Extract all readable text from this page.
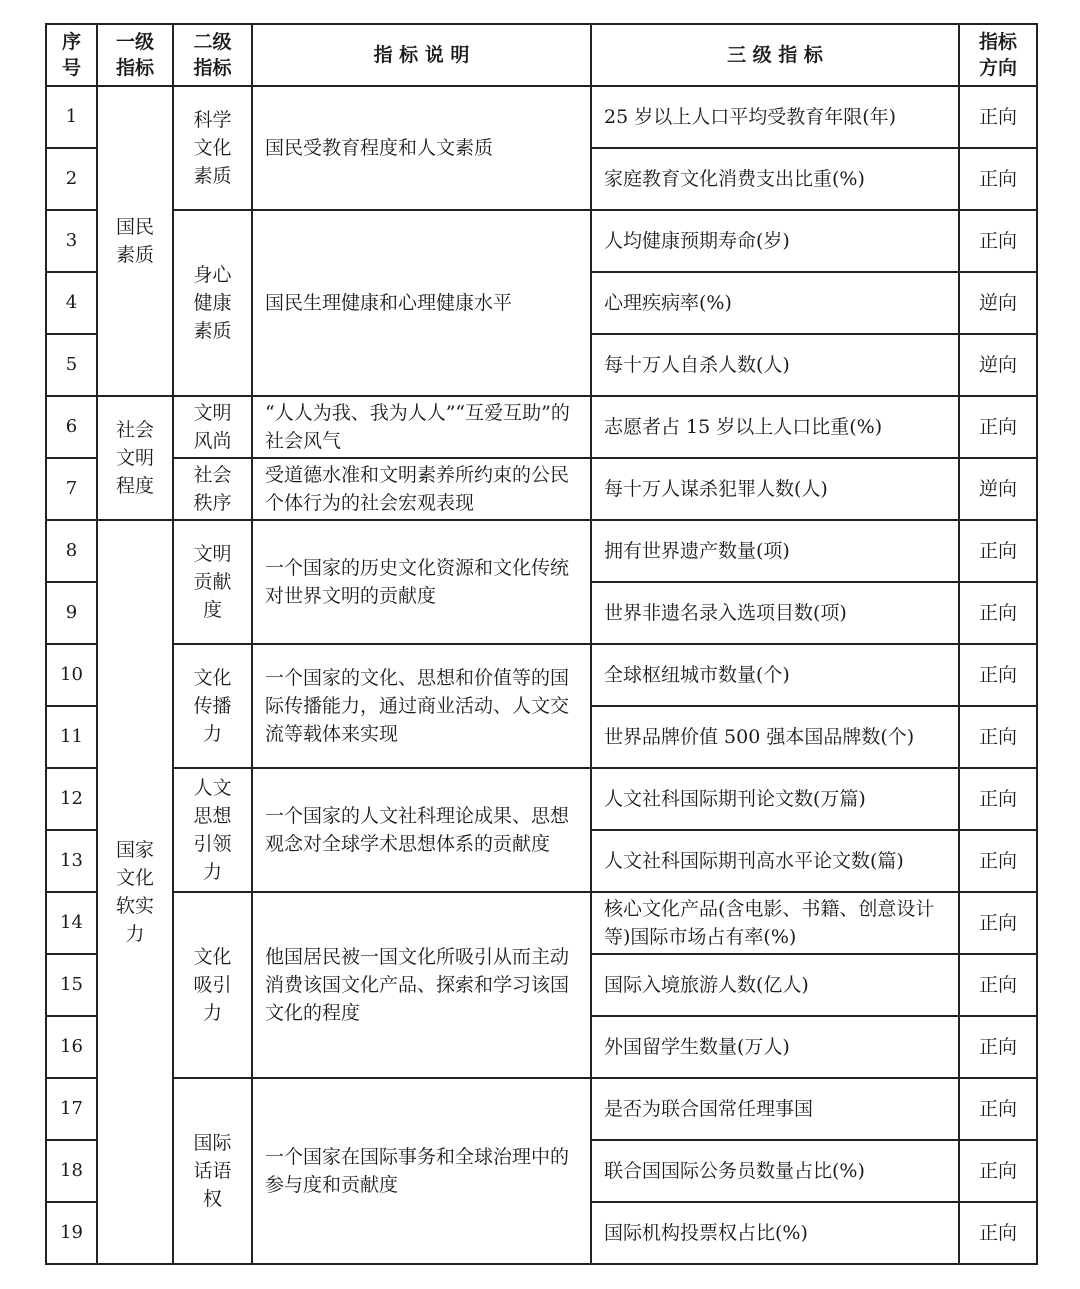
序号	一级指标	二级指标	指 标 说 明	三 级 指 标	指标方向
1	国民素质	科学文化素质	国民受教育程度和人文素质	25 岁以上人口平均受教育年限(年)	正向
2				家庭教育文化消费支出比重(%)	正向
3		身心健康素质	国民生理健康和心理健康水平	人均健康预期寿命(岁)	正向
4				心理疾病率(%)	逆向
5				每十万人自杀人数(人)	逆向
6	社会文明程度	文明风尚	“人人为我、我为人人”“互爱互助”的社会风气	志愿者占 15 岁以上人口比重(%)	正向
7		社会秩序	受道德水准和文明素养所约束的公民个体行为的社会宏观表现	每十万人谋杀犯罪人数(人)	逆向
8	国家文化软实力	文明贡献度	一个国家的历史文化资源和文化传统对世界文明的贡献度	拥有世界遗产数量(项)	正向
9				世界非遗名录入选项目数(项)	正向
10		文化传播力	一个国家的文化、思想和价值等的国际传播能力，通过商业活动、人文交流等载体来实现	全球枢纽城市数量(个)	正向
11				世界品牌价值 500 强本国品牌数(个)	正向
12		人文思想引领力	一个国家的人文社科理论成果、思想观念对全球学术思想体系的贡献度	人文社科国际期刊论文数(万篇)	正向
13				人文社科国际期刊高水平论文数(篇)	正向
14		文化吸引力	他国居民被一国文化所吸引从而主动消费该国文化产品、探索和学习该国文化的程度	核心文化产品(含电影、书籍、创意设计等)国际市场占有率(%)	正向
15				国际入境旅游人数(亿人)	正向
16				外国留学生数量(万人)	正向
17		国际话语权	一个国家在国际事务和全球治理中的参与度和贡献度	是否为联合国常任理事国	正向
18				联合国国际公务员数量占比(%)	正向
19				国际机构投票权占比(%)	正向
